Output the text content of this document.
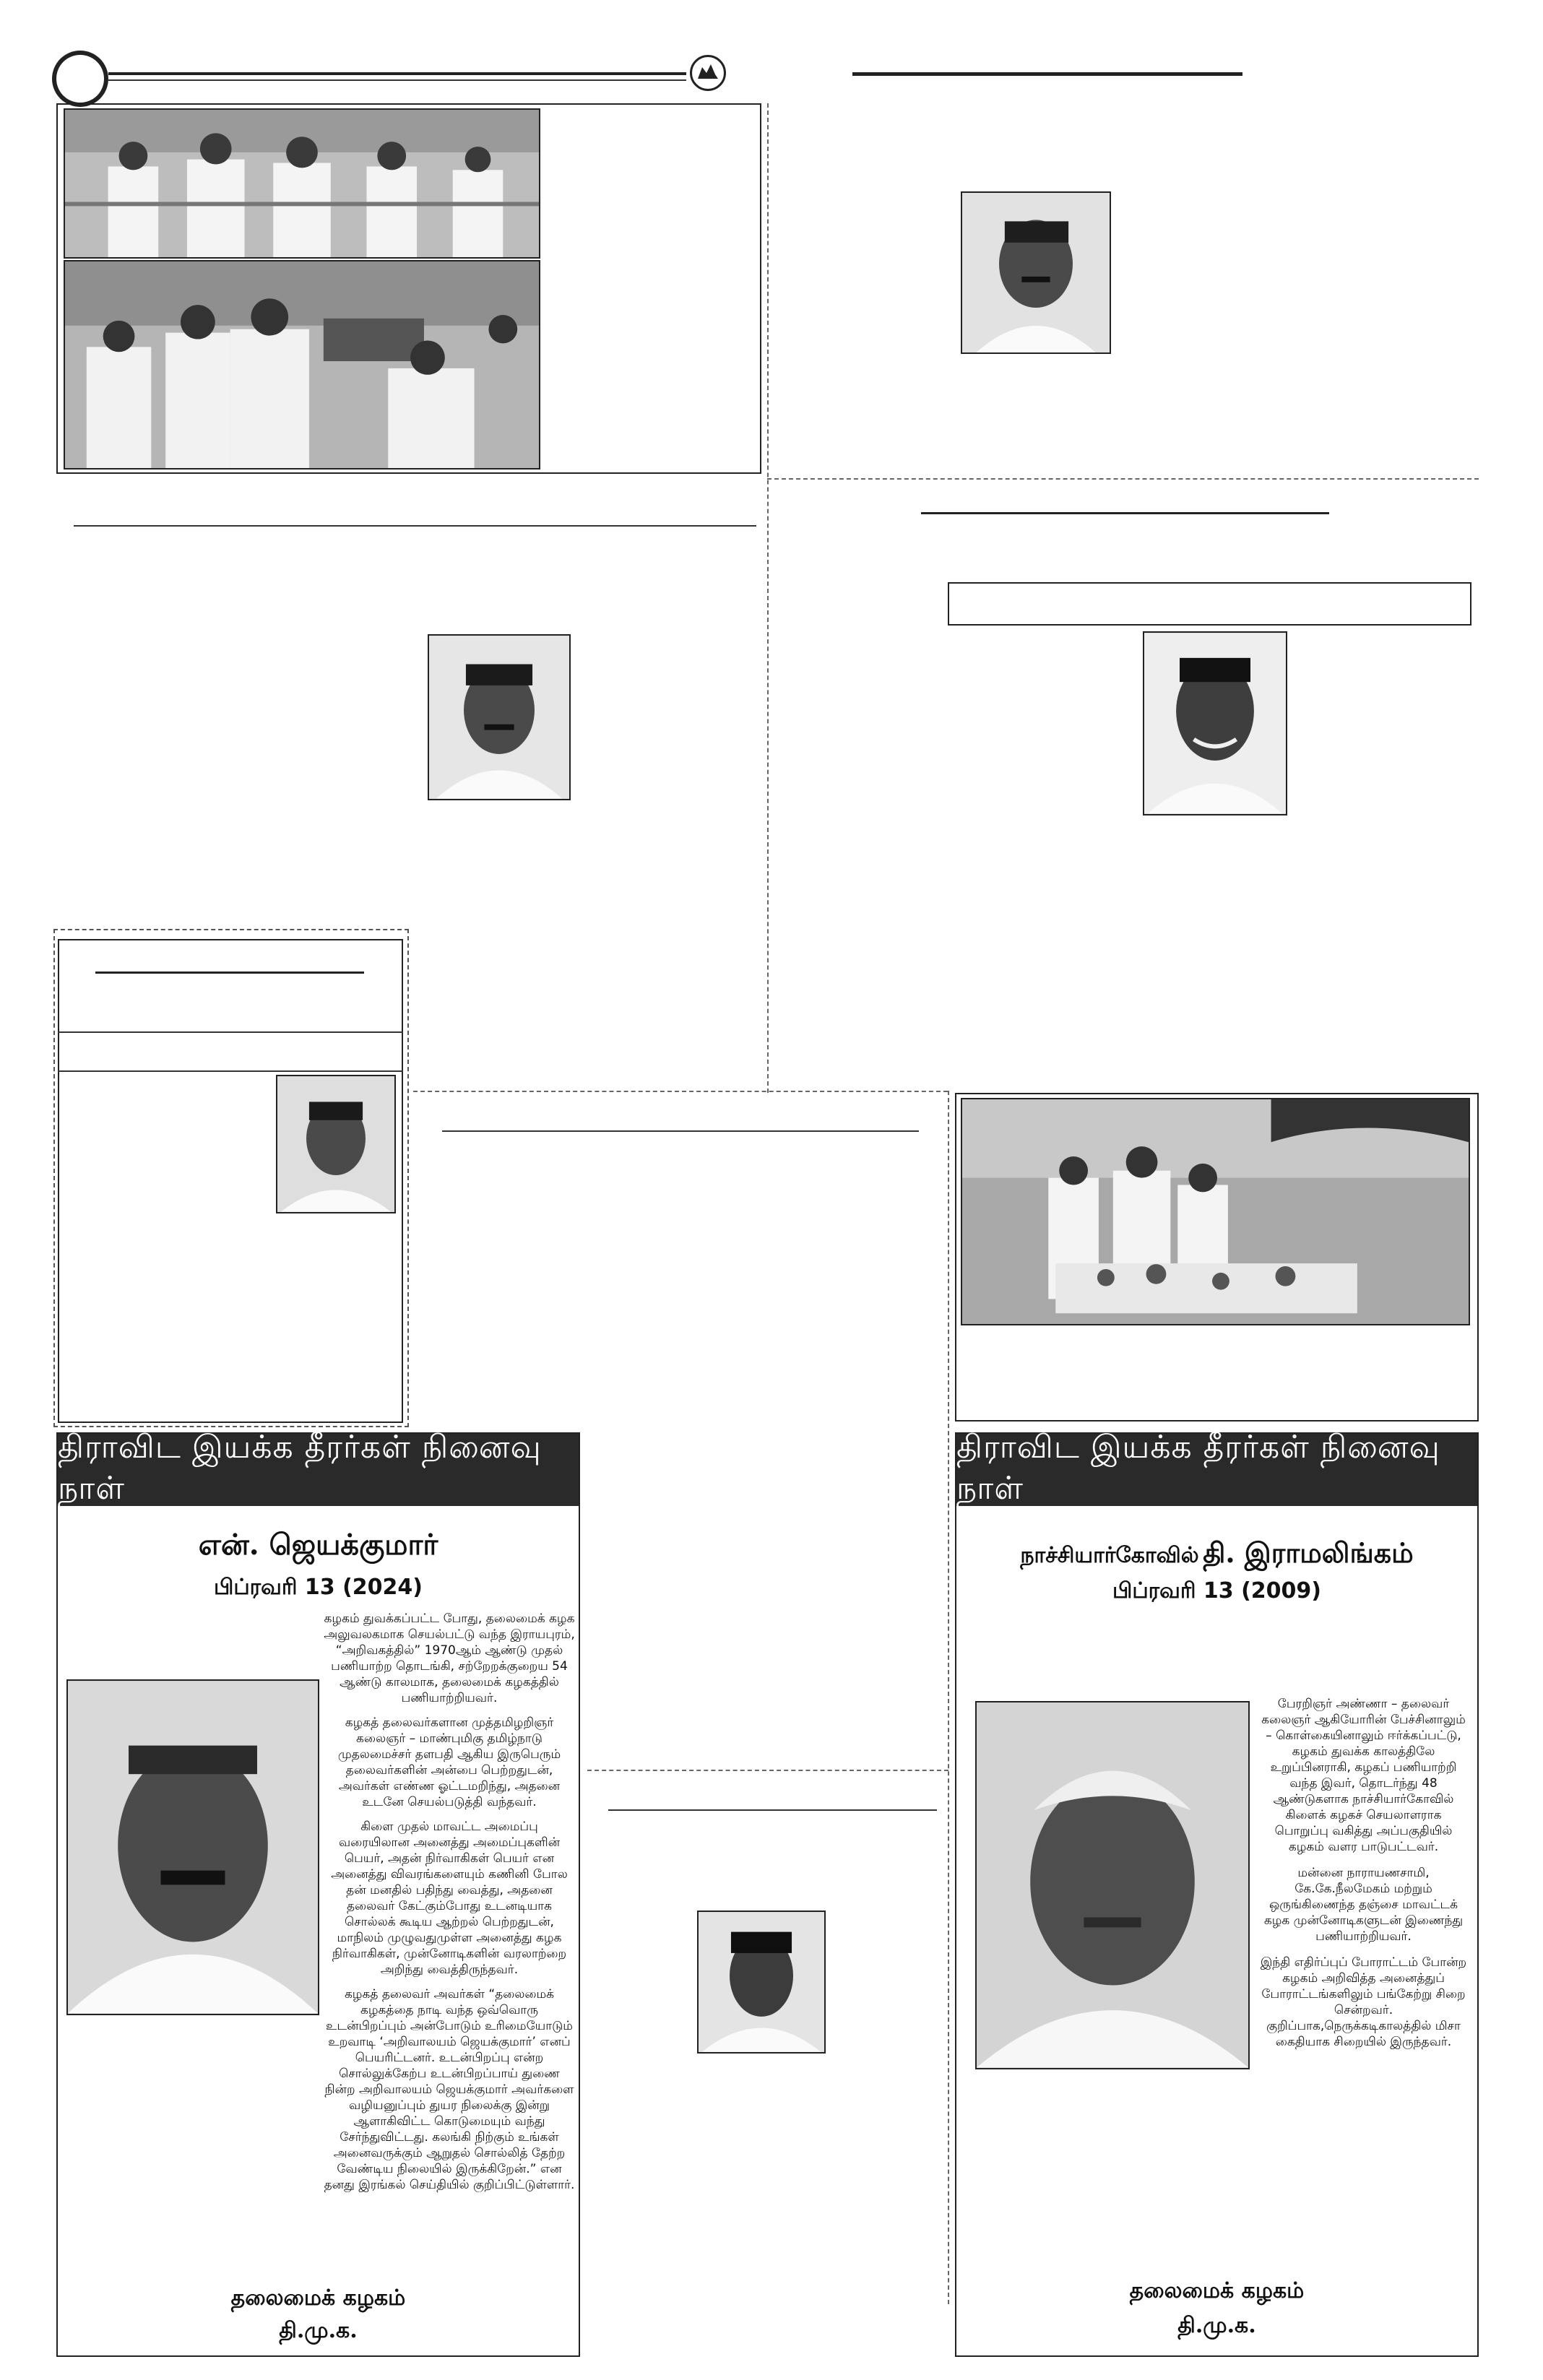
திராவிட இயக்க தீரர்கள் நினைவு நாள்
என். ஜெயக்குமார்
பிப்ரவரி 13 (2024)

கழகம் துவக்கப்பட்ட போது, தலைமைக் கழக அலுவலகமாக செயல்பட்டு வந்த இராயபுரம், “அறிவகத்தில்” 1970ஆம் ஆண்டு முதல் பணியாற்ற தொடங்கி, சற்றேறக்குறைய 54 ஆண்டு காலமாக, தலைமைக் கழகத்தில் பணியாற்றியவர்.

கழகத் தலைவர்களான முத்தமிழறிஞர் கலைஞர் – மாண்புமிகு தமிழ்நாடு முதலமைச்சர் தளபதி ஆகிய இருபெரும் தலைவர்களின் அன்பை பெற்றதுடன், அவர்கள் எண்ண ஓட்டமறிந்து, அதனை உடனே செயல்படுத்தி வந்தவர்.

கிளை முதல் மாவட்ட அமைப்பு வரையிலான அனைத்து அமைப்புகளின் பெயர், அதன் நிர்வாகிகள் பெயர் என அனைத்து விவரங்களையும் கணினி போல தன் மனதில் பதிந்து வைத்து, அதனை தலைவர் கேட்கும்போது உடனடியாக சொல்லக் கூடிய ஆற்றல் பெற்றதுடன், மாநிலம் முழுவதுமுள்ள அனைத்து கழக நிர்வாகிகள், முன்னோடிகளின் வரலாற்றை அறிந்து வைத்திருந்தவர்.

கழகத் தலைவர் அவர்கள் “தலைமைக் கழகத்தை நாடி வந்த ஒவ்வொரு உடன்பிறப்பும் அன்போடும் உரிமையோடும் உறவாடி ‘அறிவாலயம் ஜெயக்குமார்’ எனப் பெயரிட்டனர். உடன்பிறப்பு என்ற சொல்லுக்கேற்ப உடன்பிறப்பாய் துணை நின்ற அறிவாலயம் ஜெயக்குமார் அவர்களை வழியனுப்பும் துயர நிலைக்கு இன்று ஆளாகிவிட்ட கொடுமையும் வந்து சேர்ந்துவிட்டது. கலங்கி நிற்கும் உங்கள் அனைவருக்கும் ஆறுதல் சொல்லித் தேற்ற வேண்டிய நிலையில் இருக்கிறேன்.” என தனது இரங்கல் செய்தியில் குறிப்பிட்டுள்ளார்.

தலைமைக் கழகம்
தி.மு.க.
திராவிட இயக்க தீரர்கள் நினைவு நாள்
நாச்சியார்கோவில் தி. இராமலிங்கம்
பிப்ரவரி 13 (2009)

பேரறிஞர் அண்ணா – தலைவர் கலைஞர் ஆகியோரின் பேச்சினாலும் – கொள்கையினாலும் ஈர்க்கப்பட்டு, கழகம் துவக்க காலத்திலே உறுப்பினராகி, கழகப் பணியாற்றி வந்த இவர், தொடர்ந்து 48 ஆண்டுகளாக நாச்சியார்கோவில் கிளைக் கழகச் செயலாளராக பொறுப்பு வகித்து அப்பகுதியில் கழகம் வளர பாடுபட்டவர்.

மன்னை நாராயணசாமி, கே.கே.நீலமேகம் மற்றும் ஒருங்கிணைந்த தஞ்சை மாவட்டக் கழக முன்னோடிகளுடன் இணைந்து பணியாற்றியவர்.

இந்தி எதிர்ப்புப் போராட்டம் போன்ற கழகம் அறிவித்த அனைத்துப் போராட்டங்களிலும் பங்கேற்று சிறை சென்றவர். குறிப்பாக,நெருக்கடிகாலத்தில் மிசா கைதியாக சிறையில் இருந்தவர்.

தலைமைக் கழகம்
தி.மு.க.
